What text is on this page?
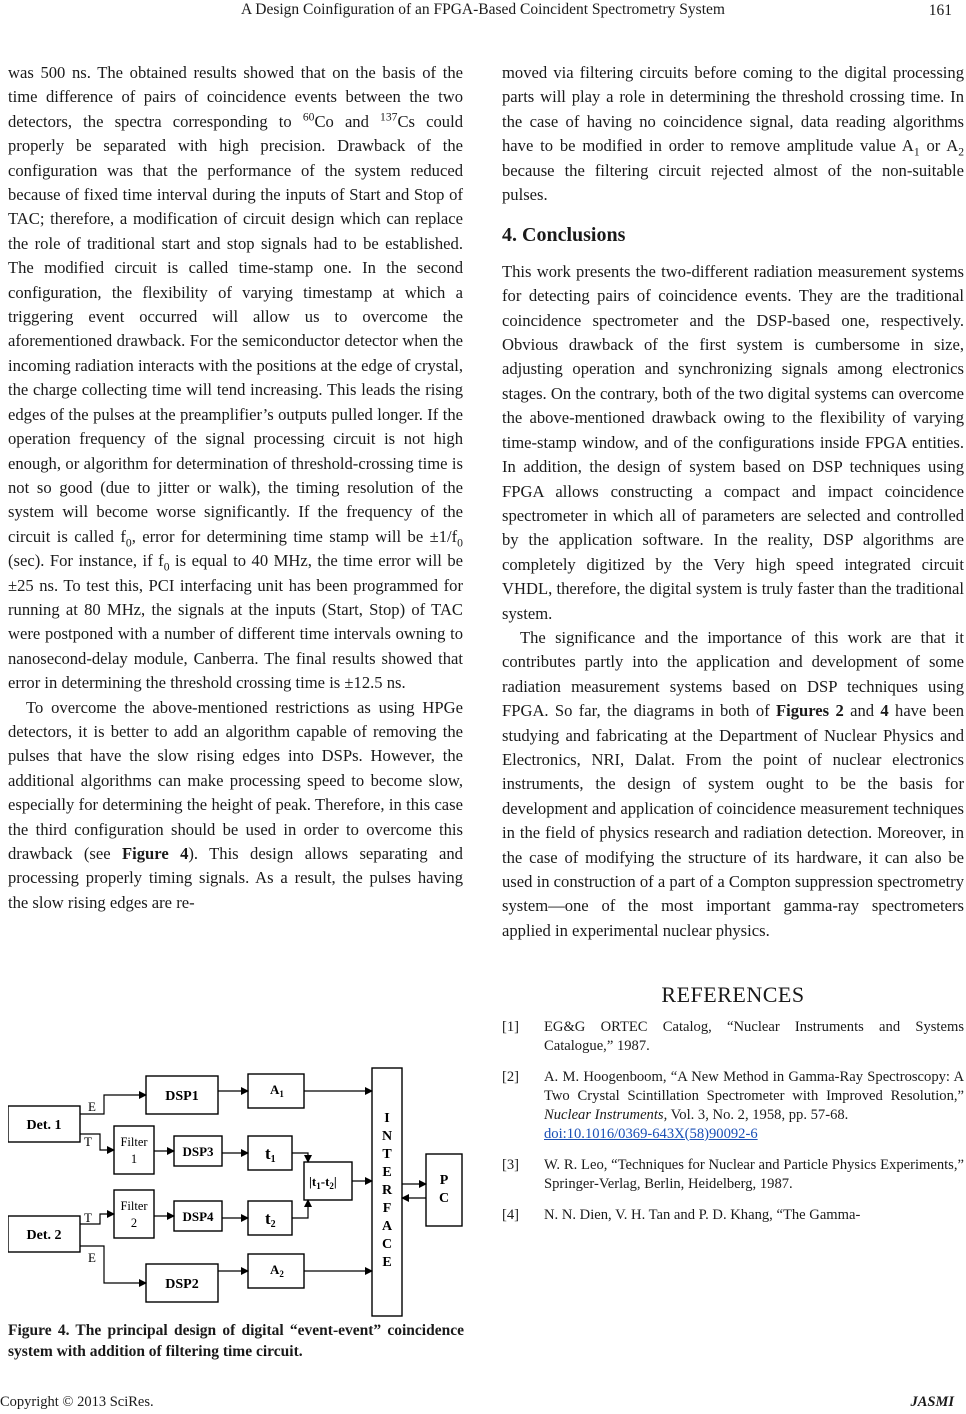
A Design Coinfiguration of an FPGA-Based Coincident Spectrometry System	161

was 500 ns. The obtained results showed that on the basis of the time difference of pairs of coincidence events between the two detectors, the spectra corresponding to $^{60}$Co and $^{137}$Cs could properly be separated with high precision. Drawback of the configuration was that the performance of the system reduced because of fixed time interval during the inputs of Start and Stop of TAC; therefore, a modification of circuit design which can replace the role of traditional start and stop signals had to be established. The modified circuit is called time-stamp one. In the second configuration, the flexibility of varying timestamp at which a triggering event occurred will allow us to overcome the aforementioned drawback. For the semiconductor detector when the incoming radiation interacts with the positions at the edge of crystal, the charge collecting time will tend increasing. This leads the rising edges of the pulses at the preamplifier’s outputs pulled longer. If the operation frequency of the signal processing circuit is not high enough, or algorithm for determination of threshold-crossing time is not so good (due to jitter or walk), the timing resolution of the system will become worse significantly. If the frequency of the circuit is called $f_0$, error for determining time stamp will be $\pm 1/f_0$ (sec). For instance, if $f_0$ is equal to 40 MHz, the time error will be ±25 ns. To test this, PCI interfacing unit has been programmed for running at 80 MHz, the signals at the inputs (Start, Stop) of TAC were postponed with a number of different time intervals owning to nanosecond-delay module, Canberra. The final results showed that error in determining the threshold crossing time is ±12.5 ns.

To overcome the above-mentioned restrictions as using HPGe detectors, it is better to add an algorithm capable of removing the pulses that have the slow rising edges into DSPs. However, the additional algorithms can make processing speed to become slow, especially for determining the height of peak. Therefore, in this case the third configuration should be used in order to overcome this drawback (see Figure 4). This design allows separating and processing properly timing signals. As a result, the pulses having the slow rising edges are re-

moved via filtering circuits before coming to the digital processing parts will play a role in determining the threshold crossing time. In the case of having no coincidence signal, data reading algorithms have to be modified in order to remove amplitude value $A_1$ or $A_2$ because the filtering circuit rejected almost of the non-suitable pulses.

4. Conclusions

This work presents the two-different radiation measurement systems for detecting pairs of coincidence events. They are the traditional coincidence spectrometer and the DSP-based one, respectively. Obvious drawback of the first system is cumbersome in size, adjusting operation and synchronizing signals among electronics stages. On the contrary, both of the two digital systems can overcome the above-mentioned drawback owing to the flexibility of varying time-stamp window, and of the configurations inside FPGA entities. In addition, the design of system based on DSP techniques using FPGA allows constructing a compact and impact coincidence spectrometer in which all of parameters are selected and controlled by the application software. In the reality, DSP algorithms are completely digitized by the Very high speed integrated circuit VHDL, therefore, the digital system is truly faster than the traditional system.

The significance and the importance of this work are that it contributes partly into the application and development of some radiation measurement systems based on DSP techniques using FPGA. So far, the diagrams in both of Figures 2 and 4 have been studying and fabricating at the Department of Nuclear Physics and Electronics, NRI, Dalat. From the point of nuclear electronics instruments, the design of system ought to be the basis for development and application of coincidence measurement techniques in the field of physics research and radiation detection. Moreover, in the case of modifying the structure of its hardware, it can also be used in construction of a part of a Compton suppression spectrometry system—one of the most important gamma-ray spectrometers applied in experimental nuclear physics.

REFERENCES
[1]	EG&G ORTEC Catalog, “Nuclear Instruments and Systems Catalogue,” 1987.
[2]	A. M. Hoogenboom, “A New Method in Gamma-Ray Spectroscopy: A Two Crystal Scintillation Spectrometer with Improved Resolution,” Nuclear Instruments, Vol. 3, No. 2, 1958, pp. 57-68.
doi:10.1016/0369-643X(58)90092-6
[3]	W. R. Leo, “Techniques for Nuclear and Particle Physics Experiments,” Springer-Verlag, Berlin, Heidelberg, 1987.
[4]	N. N. Dien, V. H. Tan and P. D. Khang, “The Gamma-
Det. 1
Det. 2
E
T
T
E
DSP1
DSP2
DSP3
DSP4
Filter
1
Filter
2
$A_1$
$A_2$
t1
t2
$|t_1-t_2|$
I
N
T
E
R
F
A
C
E
P
C
Figure 4. The principal design of digital “event-event” coincidence system with addition of filtering time circuit.
Copyright © 2013 SciRes.	JASMI
